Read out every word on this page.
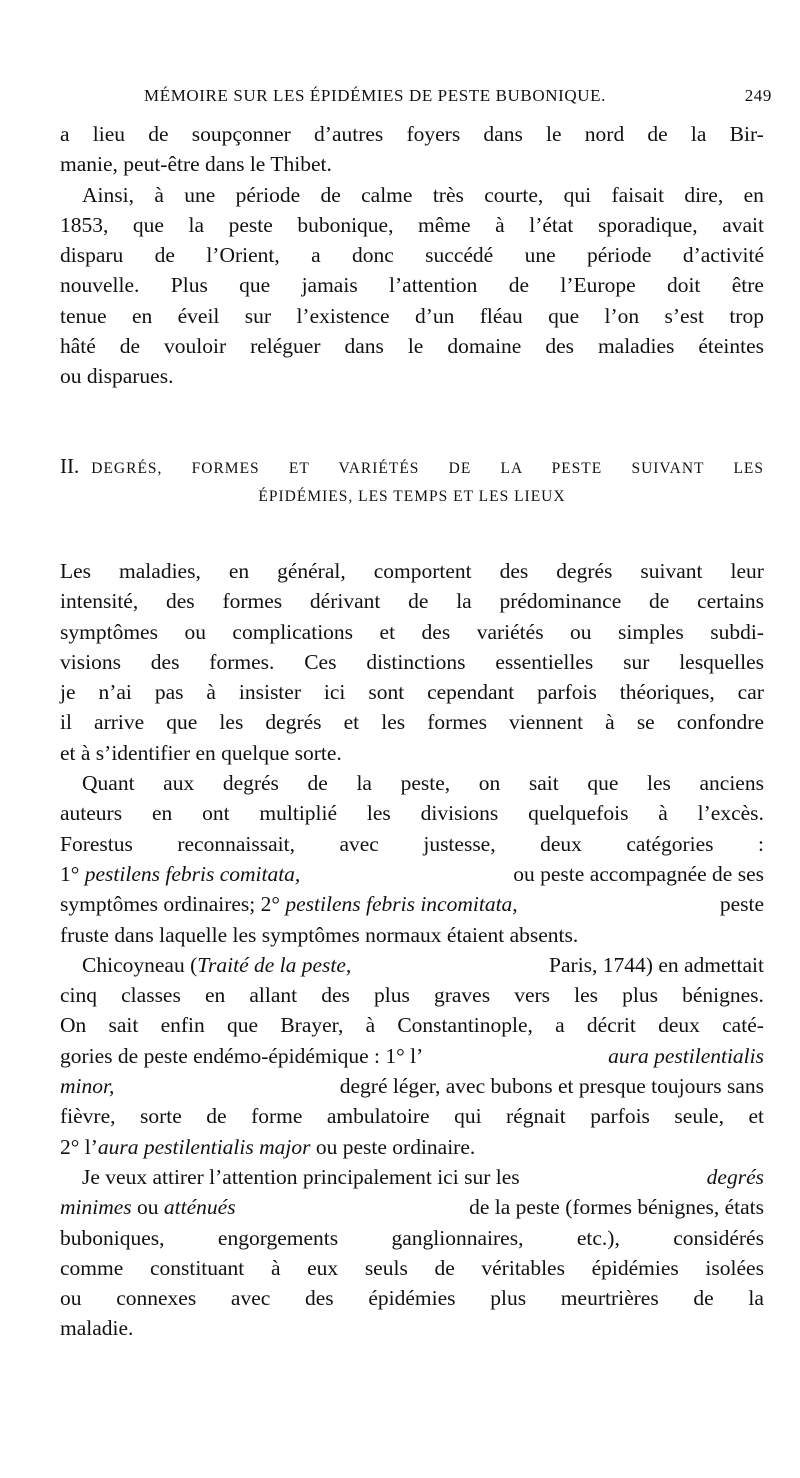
MÉMOIRE SUR LES ÉPIDÉMIES DE PESTE BUBONIQUE.	249
a lieu de soupçonner d’autres foyers dans le nord de la Bir-
manie, peut-être dans le Thibet.
Ainsi, à une période de calme très courte, qui faisait dire, en
1853, que la peste bubonique, même à l’état sporadique, avait
disparu de l’Orient, a donc succédé une période d’activité
nouvelle. Plus que jamais l’attention de l’Europe doit être
tenue en éveil sur l’existence d’un fléau que l’on s’est trop
hâté de vouloir reléguer dans le domaine des maladies éteintes
ou disparues.
II. DEGRÉS, FORMES ET VARIÉTÉS DE LA PESTE SUIVANT LES
ÉPIDÉMIES, LES TEMPS ET LES LIEUX
Les maladies, en général, comportent des degrés suivant leur
intensité, des formes dérivant de la prédominance de certains
symptômes ou complications et des variétés ou simples subdi-
visions des formes. Ces distinctions essentielles sur lesquelles
je n’ai pas à insister ici sont cependant parfois théoriques, car
il arrive que les degrés et les formes viennent à se confondre
et à s’identifier en quelque sorte.
Quant aux degrés de la peste, on sait que les anciens
auteurs en ont multiplié les divisions quelquefois à l’excès.
Forestus reconnaissait, avec justesse, deux catégories :
1° pestilens febris comitata,	ou peste accompagnée de ses
symptômes ordinaires; 2° pestilens febris incomitata,	peste
fruste dans laquelle les symptômes normaux étaient absents.
Chicoyneau ( Traité de la peste,	Paris, 1744) en admettait
cinq classes en allant des plus graves vers les plus bénignes.
On sait enfin que Brayer, à Constantinople, a décrit deux caté-
gories de peste endémo-épidémique : 1° l’	aura pestilentialis
minor,	degré léger, avec bubons et presque toujours sans
fièvre, sorte de forme ambulatoire qui régnait parfois seule, et
2° l’ aura pestilentialis major ou peste ordinaire.
Je veux attirer l’attention principalement ici sur les	degrés
minimes ou atténués	de la peste (formes bénignes, états
buboniques, engorgements ganglionnaires, etc.), considérés
comme constituant à eux seuls de véritables épidémies isolées
ou connexes avec des épidémies plus meurtrières de la
maladie.
